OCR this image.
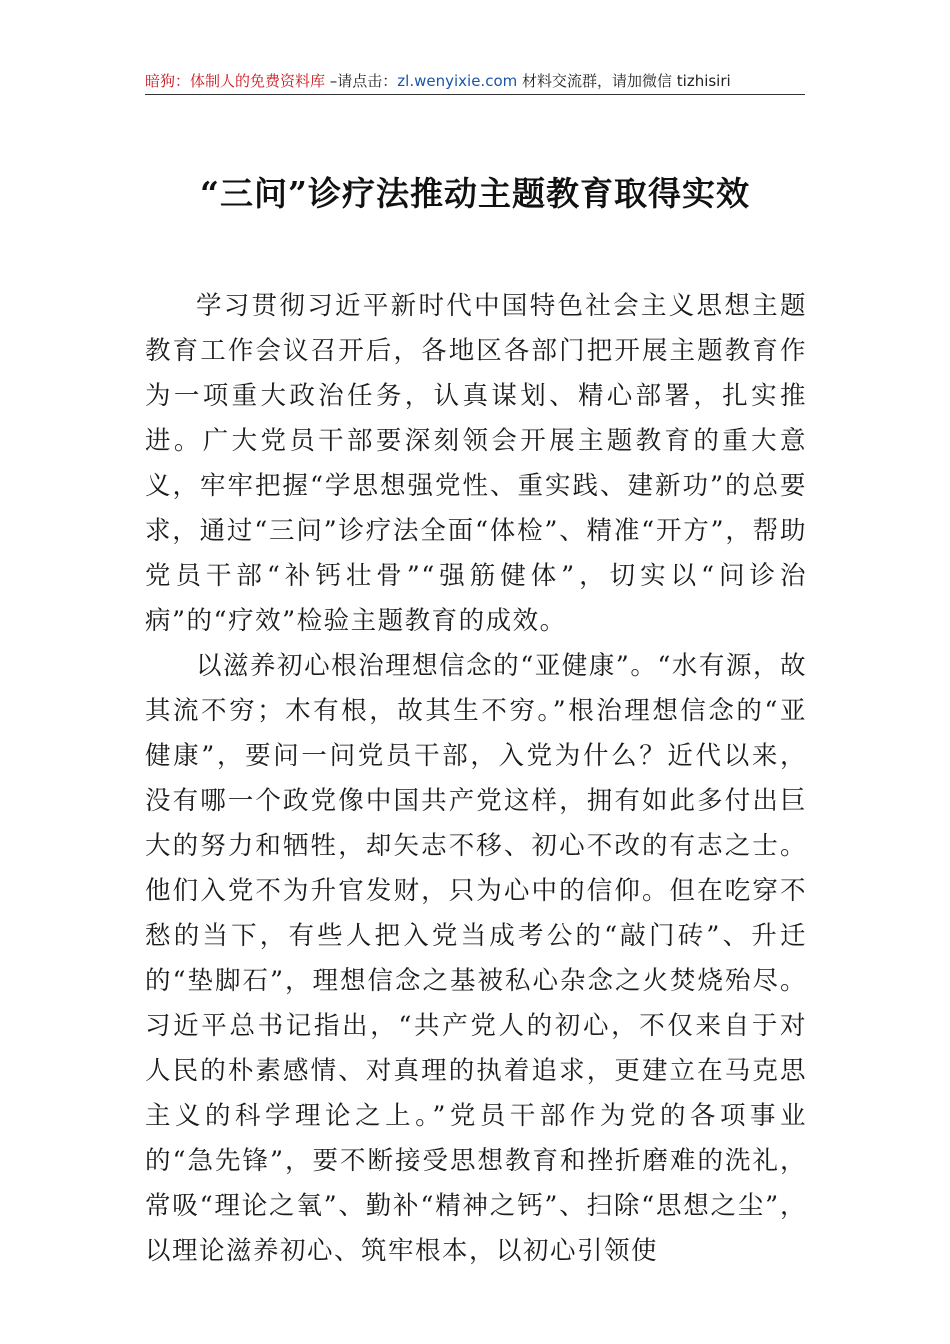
暗狗：体制人的免费资料库 –请点击：zl.wenyixie.com 材料交流群，请加微信 tizhisiri
“三问”诊疗法推动主题教育取得实效

学习贯彻习近平新时代中国特色社会主义思想主题教育工作会议召开后，各地区各部门把开展主题教育作为一项重大政治任务，认真谋划、精心部署，扎实推进。广大党员干部要深刻领会开展主题教育的重大意义，牢牢把握“学思想强党性、重实践、建新功”的总要求，通过“三问”诊疗法全面“体检”、精准“开方”，帮助党员干部“补钙壮骨”“强筋健体”，切实以“问诊治病”的“疗效”检验主题教育的成效。

以滋养初心根治理想信念的“亚健康”。“水有源，故其流不穷；木有根，故其生不穷。”根治理想信念的“亚健康”，要问一问党员干部，入党为什么？近代以来，没有哪一个政党像中国共产党这样，拥有如此多付出巨大的努力和牺牲，却矢志不移、初心不改的有志之士。他们入党不为升官发财，只为心中的信仰。但在吃穿不愁的当下，有些人把入党当成考公的“敲门砖”、升迁的“垫脚石”，理想信念之基被私心杂念之火焚烧殆尽。习近平总书记指出，“共产党人的初心，不仅来自于对人民的朴素感情、对真理的执着追求，更建立在马克思主义的科学理论之上。”党员干部作为党的各项事业的“急先锋”，要不断接受思想教育和挫折磨难的洗礼，常吸“理论之氧”、勤补“精神之钙”、扫除“思想之尘”，以理论滋养初心、筑牢根本，以初心引领使
